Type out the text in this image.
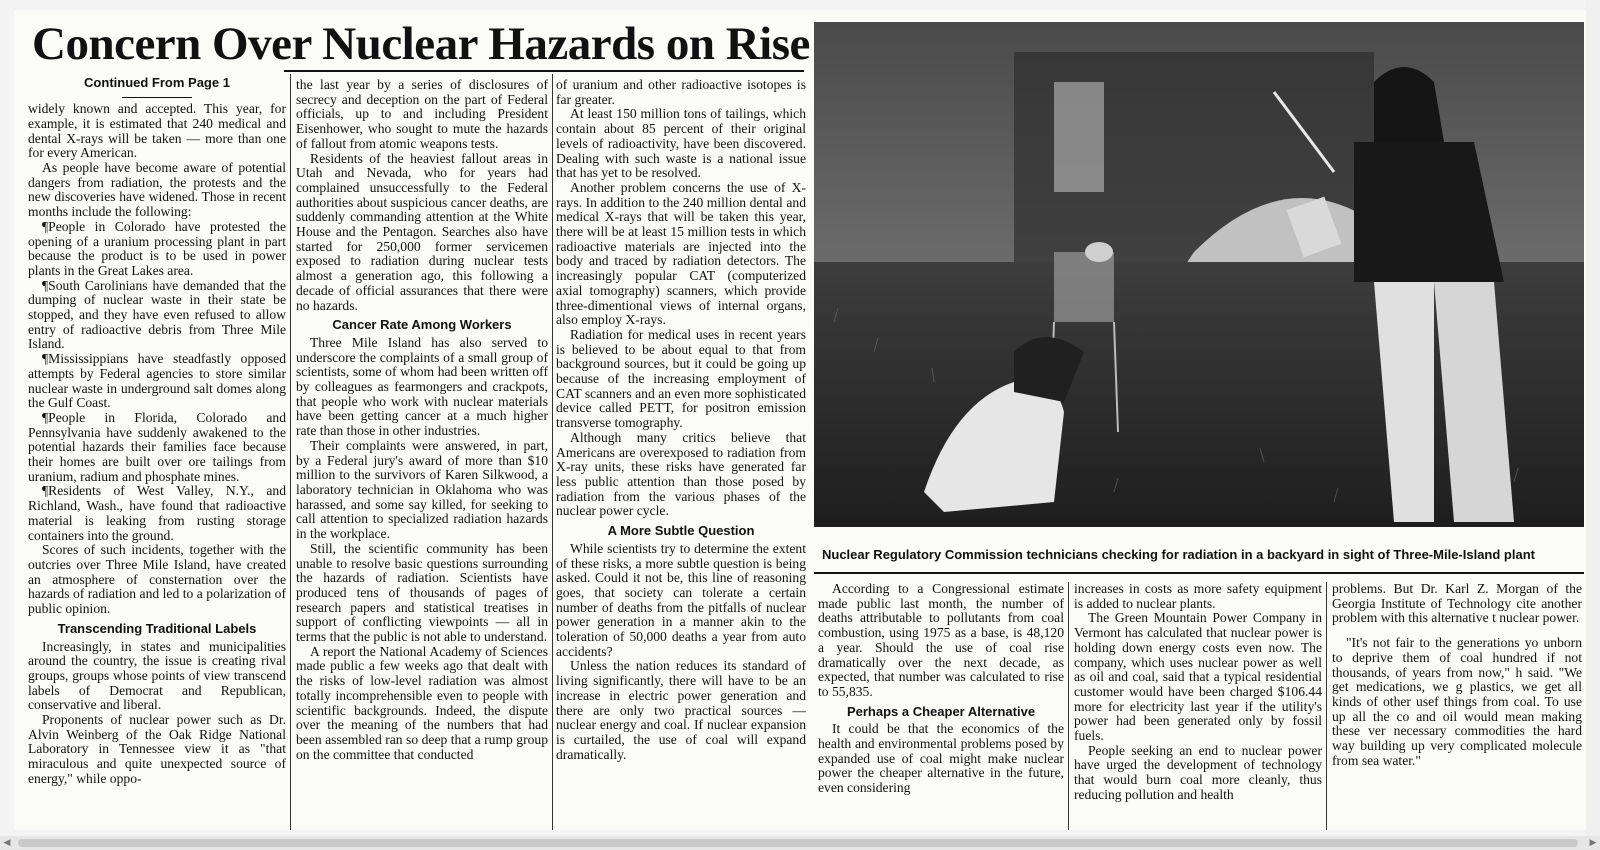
Concern Over Nuclear Hazards on Rise
Continued From Page 1

widely known and accepted. This year, for example, it is estimated that 240 medical and dental X-rays will be taken — more than one for every American.

As people have become aware of potential dangers from radiation, the protests and the new discoveries have widened. Those in recent months include the following:

¶People in Colorado have protested the opening of a uranium processing plant in part because the product is to be used in power plants in the Great Lakes area.

¶South Carolinians have demanded that the dumping of nuclear waste in their state be stopped, and they have even refused to allow entry of radioactive debris from Three Mile Island.

¶Mississippians have steadfastly opposed attempts by Federal agencies to store similar nuclear waste in underground salt domes along the Gulf Coast.

¶People in Florida, Colorado and Pennsylvania have suddenly awakened to the potential hazards their families face because their homes are built over ore tailings from uranium, radium and phosphate mines.

¶Residents of West Valley, N.Y., and Richland, Wash., have found that radioactive material is leaking from rusting storage containers into the ground.

Scores of such incidents, together with the outcries over Three Mile Island, have created an atmosphere of consternation over the hazards of radiation and led to a polarization of public opinion.

Transcending Traditional Labels

Increasingly, in states and municipalities around the country, the issue is creating rival groups, groups whose points of view transcend labels of Democrat and Republican, conservative and liberal.

Proponents of nuclear power such as Dr. Alvin Weinberg of the Oak Ridge National Laboratory in Tennessee view it as "that miraculous and quite unexpected source of energy," while oppo-

the last year by a series of disclosures of secrecy and deception on the part of Federal officials, up to and including President Eisenhower, who sought to mute the hazards of fallout from atomic weapons tests.

Residents of the heaviest fallout areas in Utah and Nevada, who for years had complained unsuccessfully to the Federal authorities about suspicious cancer deaths, are suddenly commanding attention at the White House and the Pentagon. Searches also have started for 250,000 former servicemen exposed to radiation during nuclear tests almost a generation ago, this following a decade of official assurances that there were no hazards.

Cancer Rate Among Workers

Three Mile Island has also served to underscore the complaints of a small group of scientists, some of whom had been written off by colleagues as fearmongers and crackpots, that people who work with nuclear materials have been getting cancer at a much higher rate than those in other industries.

Their complaints were answered, in part, by a Federal jury's award of more than $10 million to the survivors of Karen Silkwood, a laboratory technician in Oklahoma who was harassed, and some say killed, for seeking to call attention to specialized radiation hazards in the workplace.

Still, the scientific community has been unable to resolve basic questions surrounding the hazards of radiation. Scientists have produced tens of thousands of pages of research papers and statistical treatises in support of conflicting viewpoints — all in terms that the public is not able to understand.

A report the National Academy of Sciences made public a few weeks ago that dealt with the risks of low-level radiation was almost totally incomprehensible even to people with scientific backgrounds. Indeed, the dispute over the meaning of the numbers that had been assembled ran so deep that a rump group on the committee that conducted

of uranium and other radioactive isotopes is far greater.

At least 150 million tons of tailings, which contain about 85 percent of their original levels of radioactivity, have been discovered. Dealing with such waste is a national issue that has yet to be resolved.

Another problem concerns the use of X-rays. In addition to the 240 million dental and medical X-rays that will be taken this year, there will be at least 15 million tests in which radioactive materials are injected into the body and traced by radiation detectors. The increasingly popular CAT (computerized axial tomography) scanners, which provide three-dimentional views of internal organs, also employ X-rays.

Radiation for medical uses in recent years is believed to be about equal to that from background sources, but it could be going up because of the increasing employment of CAT scanners and an even more sophisticated device called PETT, for positron emission transverse tomography.

Although many critics believe that Americans are overexposed to radiation from X-ray units, these risks have generated far less public attention than those posed by radiation from the various phases of the nuclear power cycle.

A More Subtle Question

While scientists try to determine the extent of these risks, a more subtle question is being asked. Could it not be, this line of reasoning goes, that society can tolerate a certain number of deaths from the pitfalls of nuclear power generation in a manner akin to the toleration of 50,000 deaths a year from auto accidents?

Unless the nation reduces its standard of living significantly, there will have to be an increase in electric power generation and there are only two practical sources — nuclear energy and coal. If nuclear expansion is curtailed, the use of coal will expand dramatically.

Nuclear Regulatory Commission technicians checking for radiation in a backyard in sight of Three-Mile-Island plant

According to a Congressional estimate made public last month, the number of deaths attributable to pollutants from coal combustion, using 1975 as a base, is 48,120 a year. Should the use of coal rise dramatically over the next decade, as expected, that number was calculated to rise to 55,835.

Perhaps a Cheaper Alternative

It could be that the economics of the health and environmental problems posed by expanded use of coal might make nuclear power the cheaper alternative in the future, even considering

increases in costs as more safety equipment is added to nuclear plants.

The Green Mountain Power Company in Vermont has calculated that nuclear power is holding down energy costs even now. The company, which uses nuclear power as well as oil and coal, said that a typical residential customer would have been charged $106.44 more for electricity last year if the utility's power had been generated only by fossil fuels.

People seeking an end to nuclear power have urged the development of technology that would burn coal more cleanly, thus reducing pollution and health

problems. But Dr. Karl Z. Morgan of the Georgia Institute of Technology cite another problem with this alternative t nuclear power.

"It's not fair to the generations yo unborn to deprive them of coal hundred if not thousands, of years from now," h said. "We get medications, we g plastics, we get all kinds of other usef things from coal. To use up all the co and oil would mean making these ver necessary commodities the hard way building up very complicated molecule from sea water."

◀	▶
